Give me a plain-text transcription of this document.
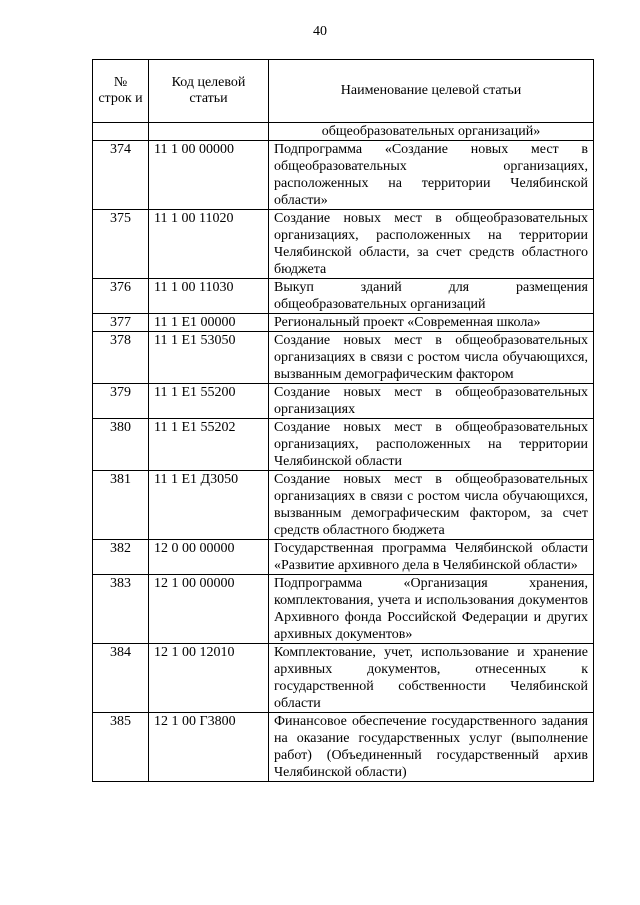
40
№ строк и	Код целевой статьи	Наименование целевой статьи
		общеобразовательных организаций»
374	11 1 00 00000	Подпрограмма «Создание новых мест в общеобразовательных организациях, расположенных на территории Челябинской области»
375	11 1 00 11020	Создание новых мест в общеобразовательных организациях, расположенных на территории Челябинской области, за счет средств областного бюджета
376	11 1 00 11030	Выкуп зданий для размещения общеобразовательных организаций
377	11 1 E1 00000	Региональный проект «Современная школа»
378	11 1 E1 53050	Создание новых мест в общеобразовательных организациях в связи с ростом числа обучающихся, вызванным демографическим фактором
379	11 1 E1 55200	Создание новых мест в общеобразовательных организациях
380	11 1 E1 55202	Создание новых мест в общеобразовательных организациях, расположенных на территории Челябинской области
381	11 1 E1 Д3050	Создание новых мест в общеобразовательных организациях в связи с ростом числа обучающихся, вызванным демографическим фактором, за счет средств областного бюджета
382	12 0 00 00000	Государственная программа Челябинской области «Развитие архивного дела в Челябинской области»
383	12 1 00 00000	Подпрограмма «Организация хранения, комплектования, учета и использования документов Архивного фонда Российской Федерации и других архивных документов»
384	12 1 00 12010	Комплектование, учет, использование и хранение архивных документов, отнесенных к государственной собственности Челябинской области
385	12 1 00 Г3800	Финансовое обеспечение государственного задания на оказание государственных услуг (выполнение работ) (Объединенный государственный архив Челябинской области)
